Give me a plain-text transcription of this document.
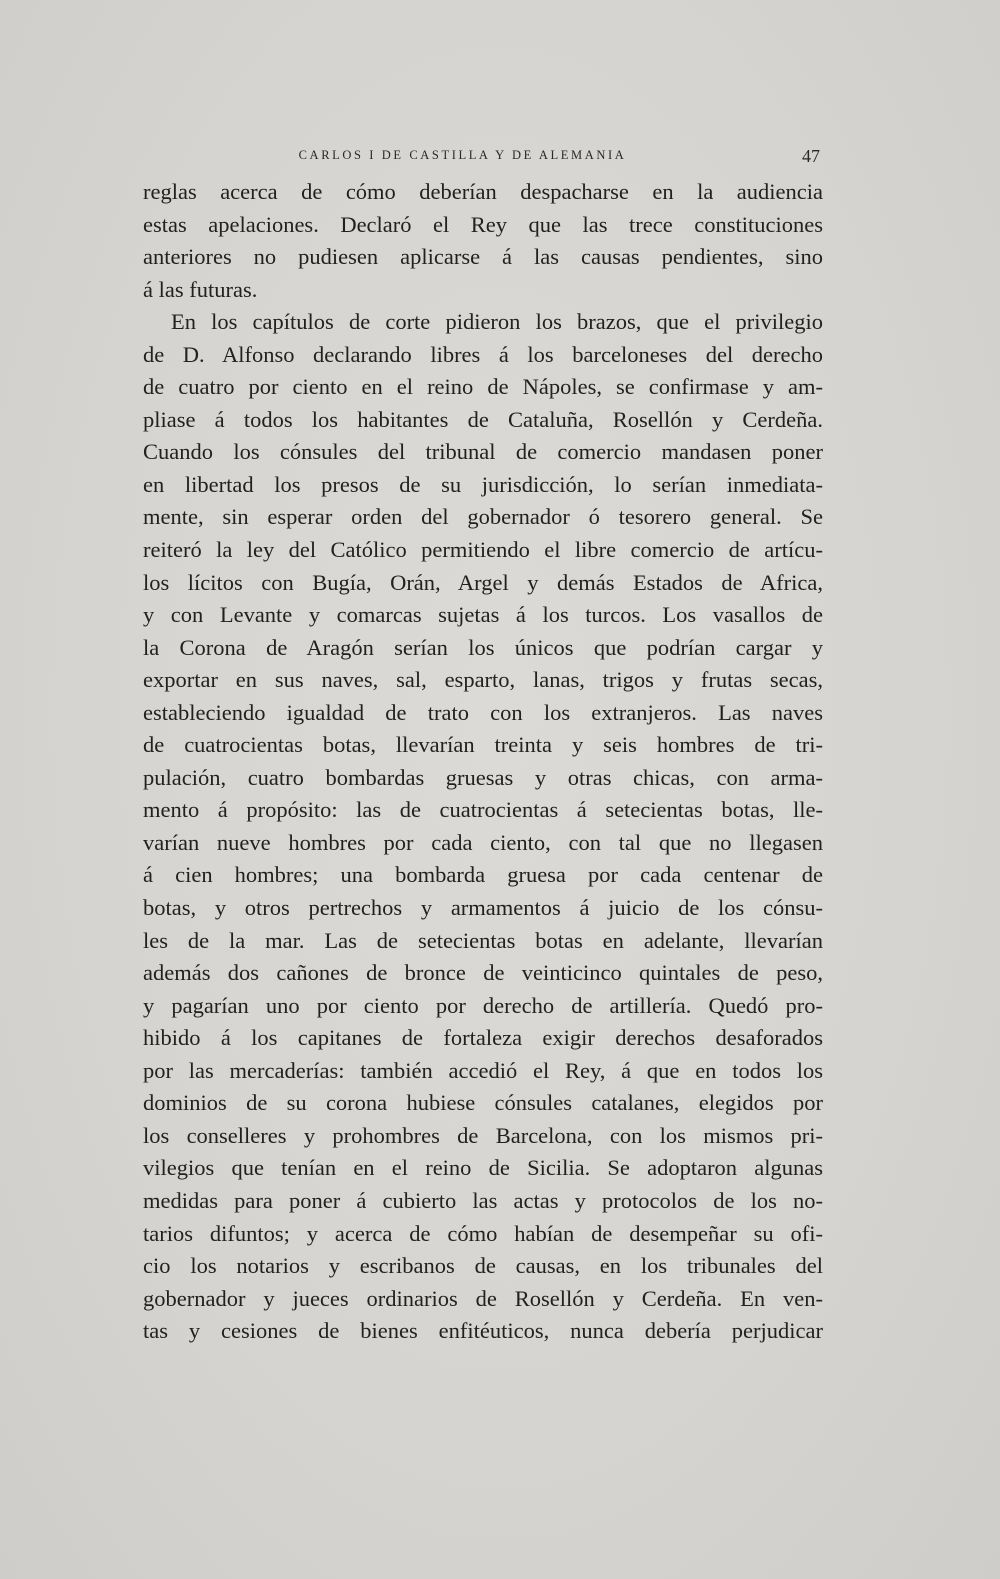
CARLOS I DE CASTILLA Y DE ALEMANIA	47
reglas acerca de cómo deberían despacharse en la audiencia
estas apelaciones. Declaró el Rey que las trece constituciones
anteriores no pudiesen aplicarse á las causas pendientes, sino
á las futuras.
En los capítulos de corte pidieron los brazos, que el privilegio
de D. Alfonso declarando libres á los barceloneses del derecho
de cuatro por ciento en el reino de Nápoles, se confirmase y am-
pliase á todos los habitantes de Cataluña, Rosellón y Cerdeña.
Cuando los cónsules del tribunal de comercio mandasen poner
en libertad los presos de su jurisdicción, lo serían inmediata-
mente, sin esperar orden del gobernador ó tesorero general. Se
reiteró la ley del Católico permitiendo el libre comercio de artícu-
los lícitos con Bugía, Orán, Argel y demás Estados de Africa,
y con Levante y comarcas sujetas á los turcos. Los vasallos de
la Corona de Aragón serían los únicos que podrían cargar y
exportar en sus naves, sal, esparto, lanas, trigos y frutas secas,
estableciendo igualdad de trato con los extranjeros. Las naves
de cuatrocientas botas, llevarían treinta y seis hombres de tri-
pulación, cuatro bombardas gruesas y otras chicas, con arma-
mento á propósito: las de cuatrocientas á setecientas botas, lle-
varían nueve hombres por cada ciento, con tal que no llegasen
á cien hombres; una bombarda gruesa por cada centenar de
botas, y otros pertrechos y armamentos á juicio de los cónsu-
les de la mar. Las de setecientas botas en adelante, llevarían
además dos cañones de bronce de veinticinco quintales de peso,
y pagarían uno por ciento por derecho de artillería. Quedó pro-
hibido á los capitanes de fortaleza exigir derechos desaforados
por las mercaderías: también accedió el Rey, á que en todos los
dominios de su corona hubiese cónsules catalanes, elegidos por
los conselleres y prohombres de Barcelona, con los mismos pri-
vilegios que tenían en el reino de Sicilia. Se adoptaron algunas
medidas para poner á cubierto las actas y protocolos de los no-
tarios difuntos; y acerca de cómo habían de desempeñar su ofi-
cio los notarios y escribanos de causas, en los tribunales del
gobernador y jueces ordinarios de Rosellón y Cerdeña. En ven-
tas y cesiones de bienes enfitéuticos, nunca debería perjudicar
